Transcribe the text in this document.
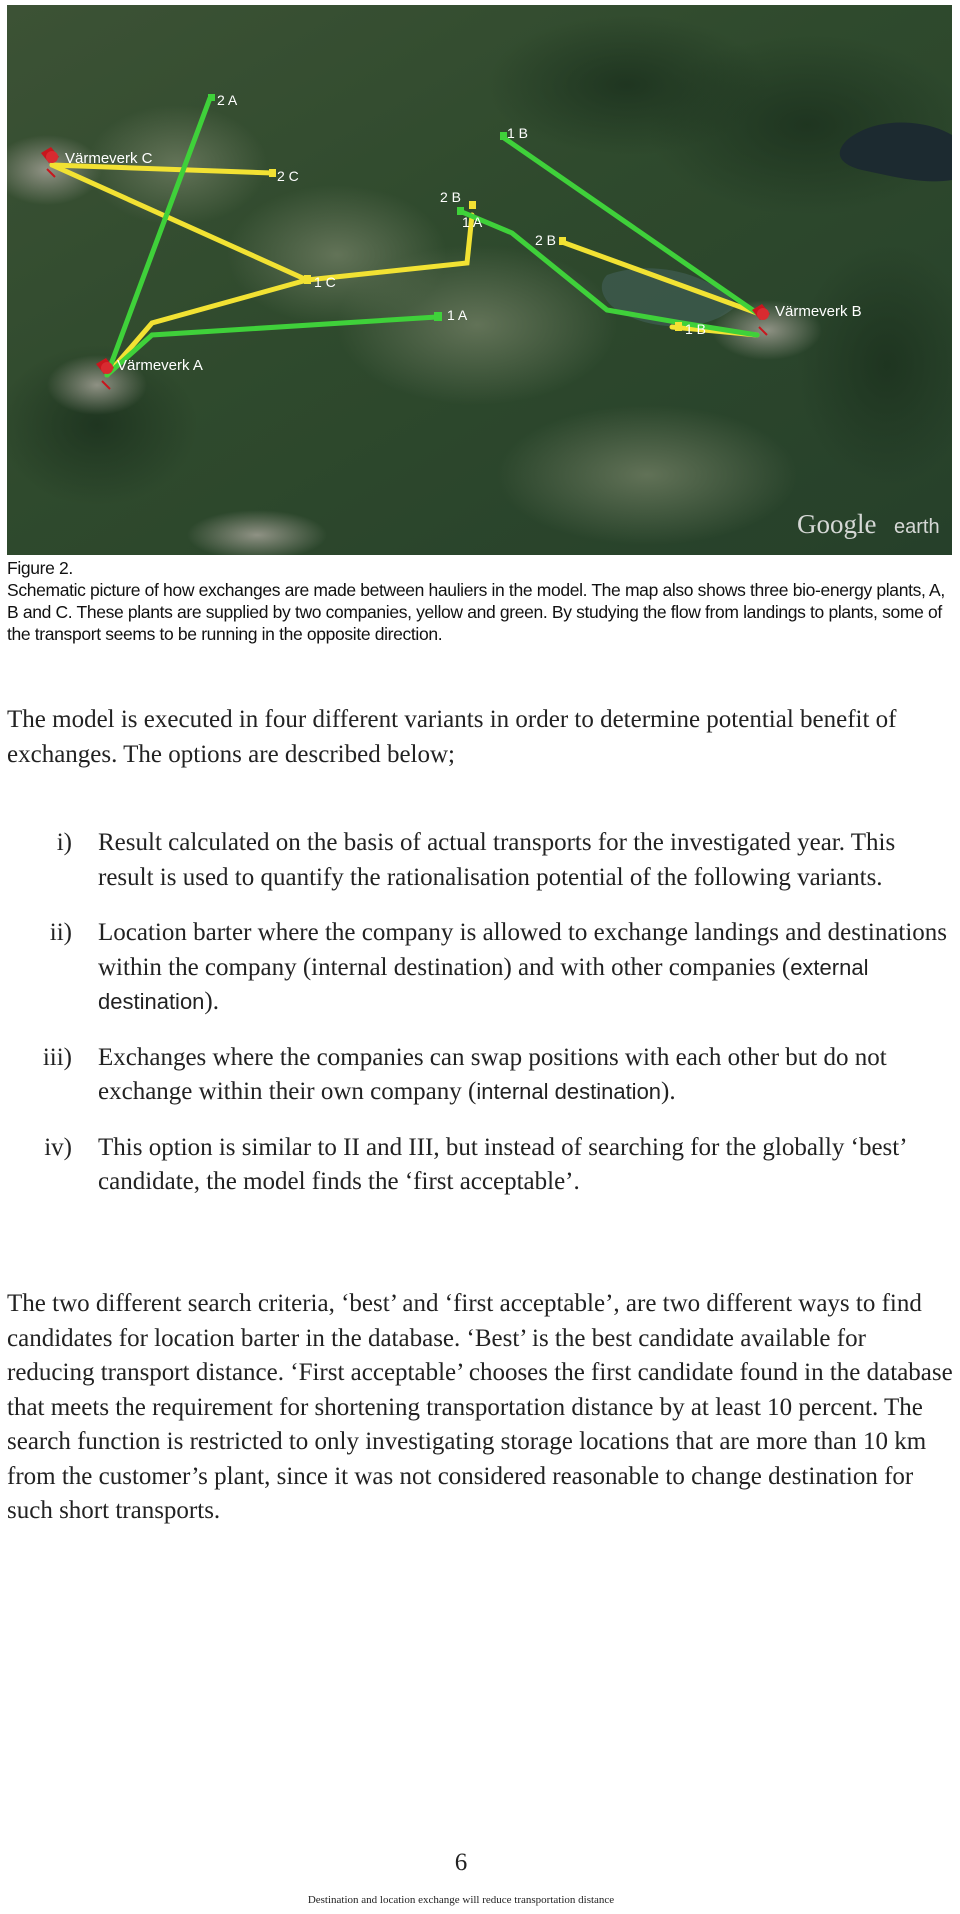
Värmeverk C
Värmeverk A
Värmeverk B
2 A
2 C
1 C
1 A
2 B
1 A
1 B
2 B
1 B
Google earth

Figure 2.

Schematic picture of how exchanges are made between hauliers in the model. The map also shows three bio-energy plants, A, B and C. These plants are supplied by two companies, yellow and green. By studying the flow from landings to plants, some of the transport seems to be running in the opposite direction.

The model is executed in four different variants in order to determine potential benefit of exchanges. The options are described below;

i) Result calculated on the basis of actual transports for the investigated year. This result is used to quantify the rationalisation potential of the following variants.
ii) Location barter where the company is allowed to exchange landings and destinations within the company (internal destination) and with other companies (external destination).
iii) Exchanges where the companies can swap positions with each other but do not exchange within their own company (internal destination).
iv) This option is similar to II and III, but instead of searching for the globally ‘best’ candidate, the model finds the ‘first acceptable’.

The two different search criteria, ‘best’ and ‘first acceptable’, are two different ways to find candidates for location barter in the database. ‘Best’ is the best candidate available for reducing transport distance. ‘First acceptable’ chooses the first candidate found in the database that meets the requirement for shortening transportation distance by at least 10 percent. The search function is restricted to only investigating storage locations that are more than 10 km from the customer’s plant, since it was not considered reasonable to change destination for such short transports.

6
Destination and location exchange will reduce transportation distance
